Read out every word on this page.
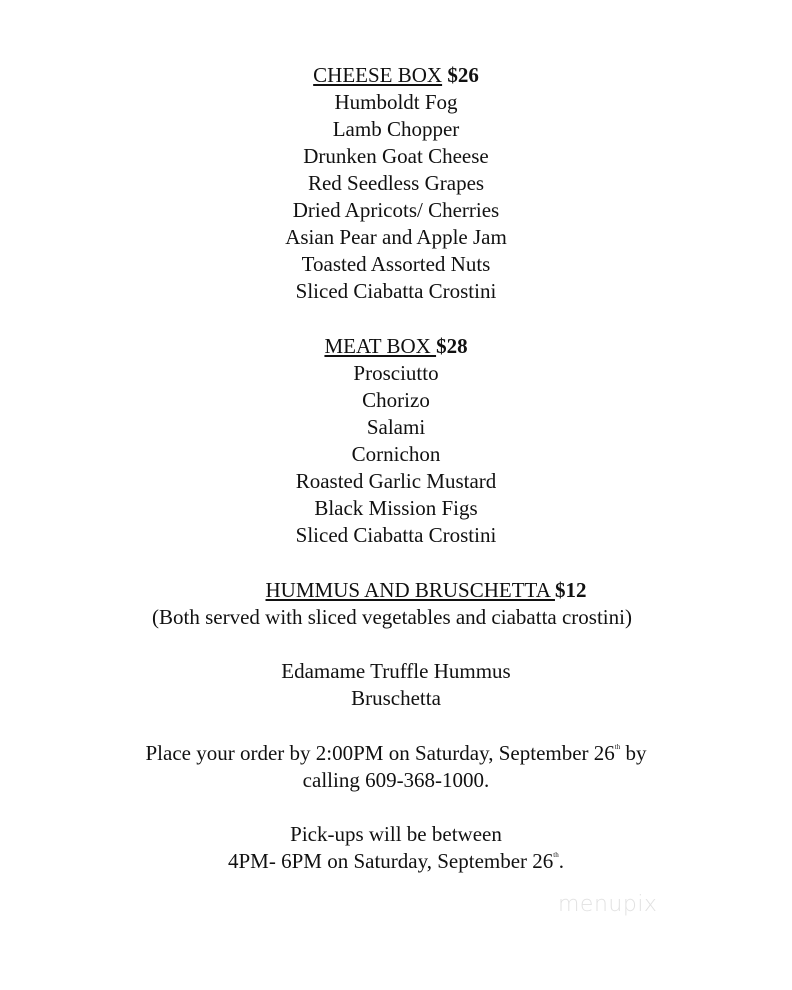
CHEESE BOX $26
Humboldt Fog
Lamb Chopper
Drunken Goat Cheese
Red Seedless Grapes
Dried Apricots/ Cherries
Asian Pear and Apple Jam
Toasted Assorted Nuts
Sliced Ciabatta Crostini
MEAT BOX $28
Prosciutto
Chorizo
Salami
Cornichon
Roasted Garlic Mustard
Black Mission Figs
Sliced Ciabatta Crostini
HUMMUS AND BRUSCHETTA $12
(Both served with sliced vegetables and ciabatta crostini)
Edamame Truffle Hummus
Bruschetta
Place your order by 2:00PM on Saturday, September 26th by
calling 609-368-1000.
Pick-ups will be between
4PM- 6PM on Saturday, September 26th.
menupix
